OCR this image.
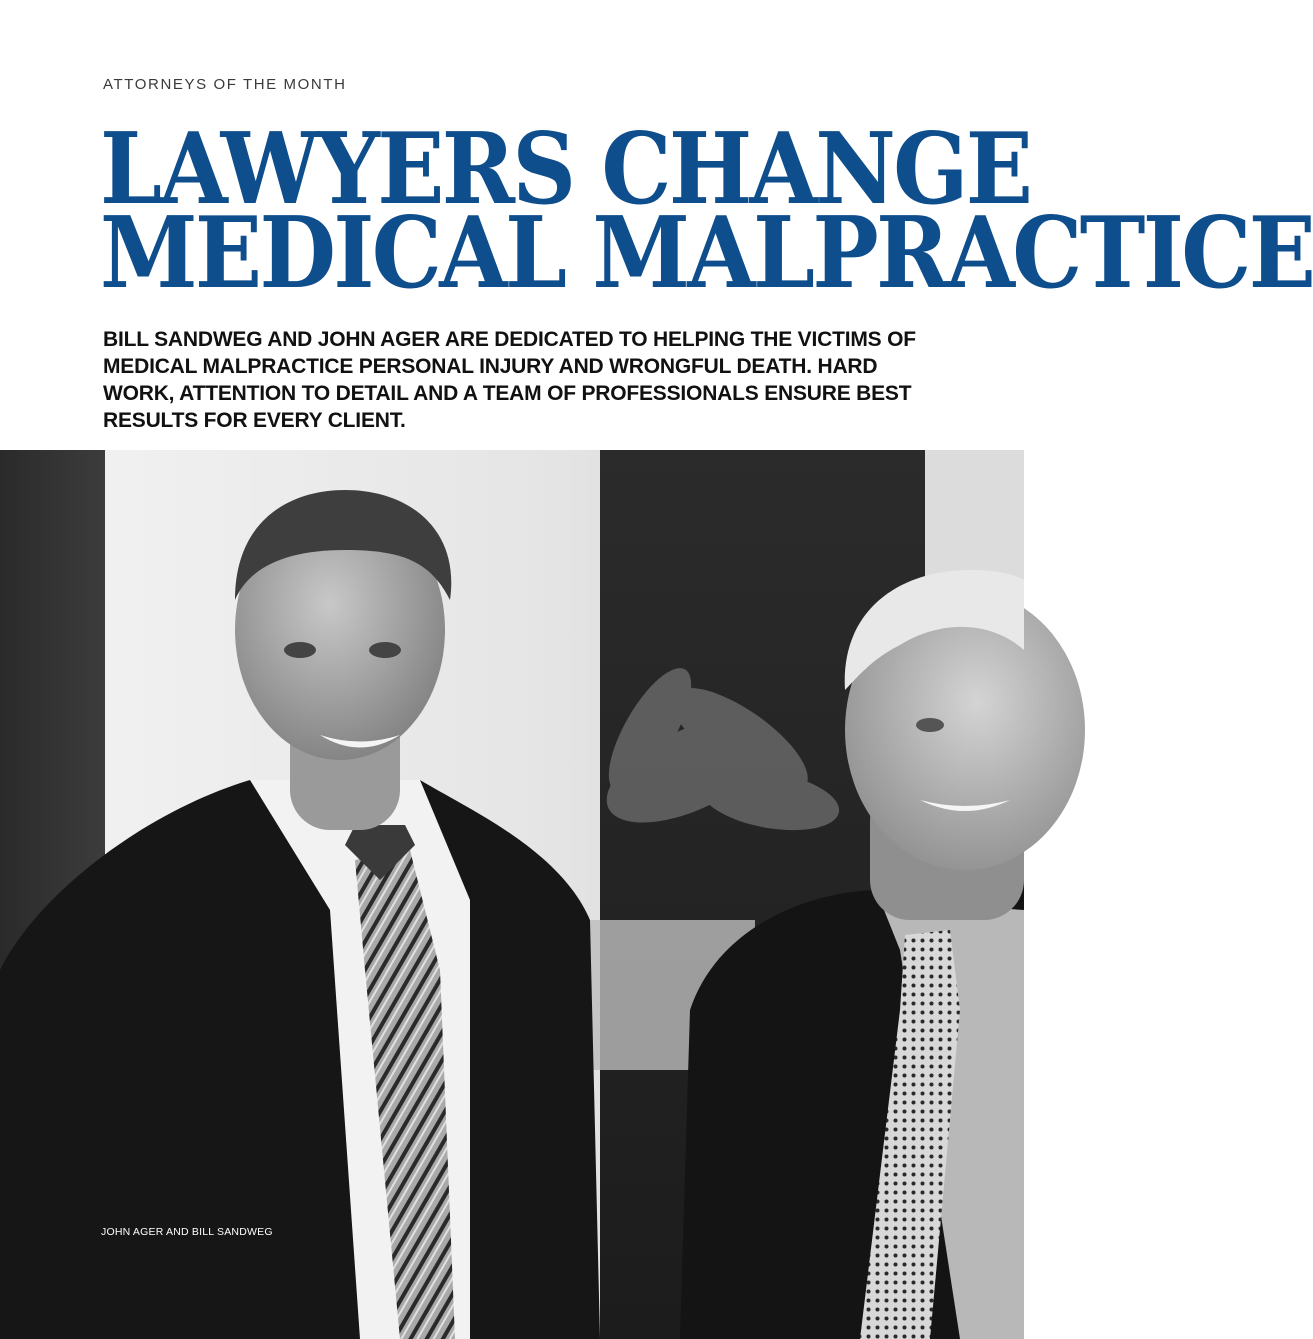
ATTORNEYS OF THE MONTH
LAWYERS CHANGE
MEDICAL MALPRACTICE

BILL SANDWEG AND JOHN AGER ARE DEDICATED TO HELPING THE VICTIMS OF MEDICAL MALPRACTICE PERSONAL INJURY AND WRONGFUL DEATH. HARD WORK, ATTENTION TO DETAIL AND A TEAM OF PROFESSIONALS ENSURE BEST RESULTS FOR EVERY CLIENT.

JOHN AGER AND BILL SANDWEG
